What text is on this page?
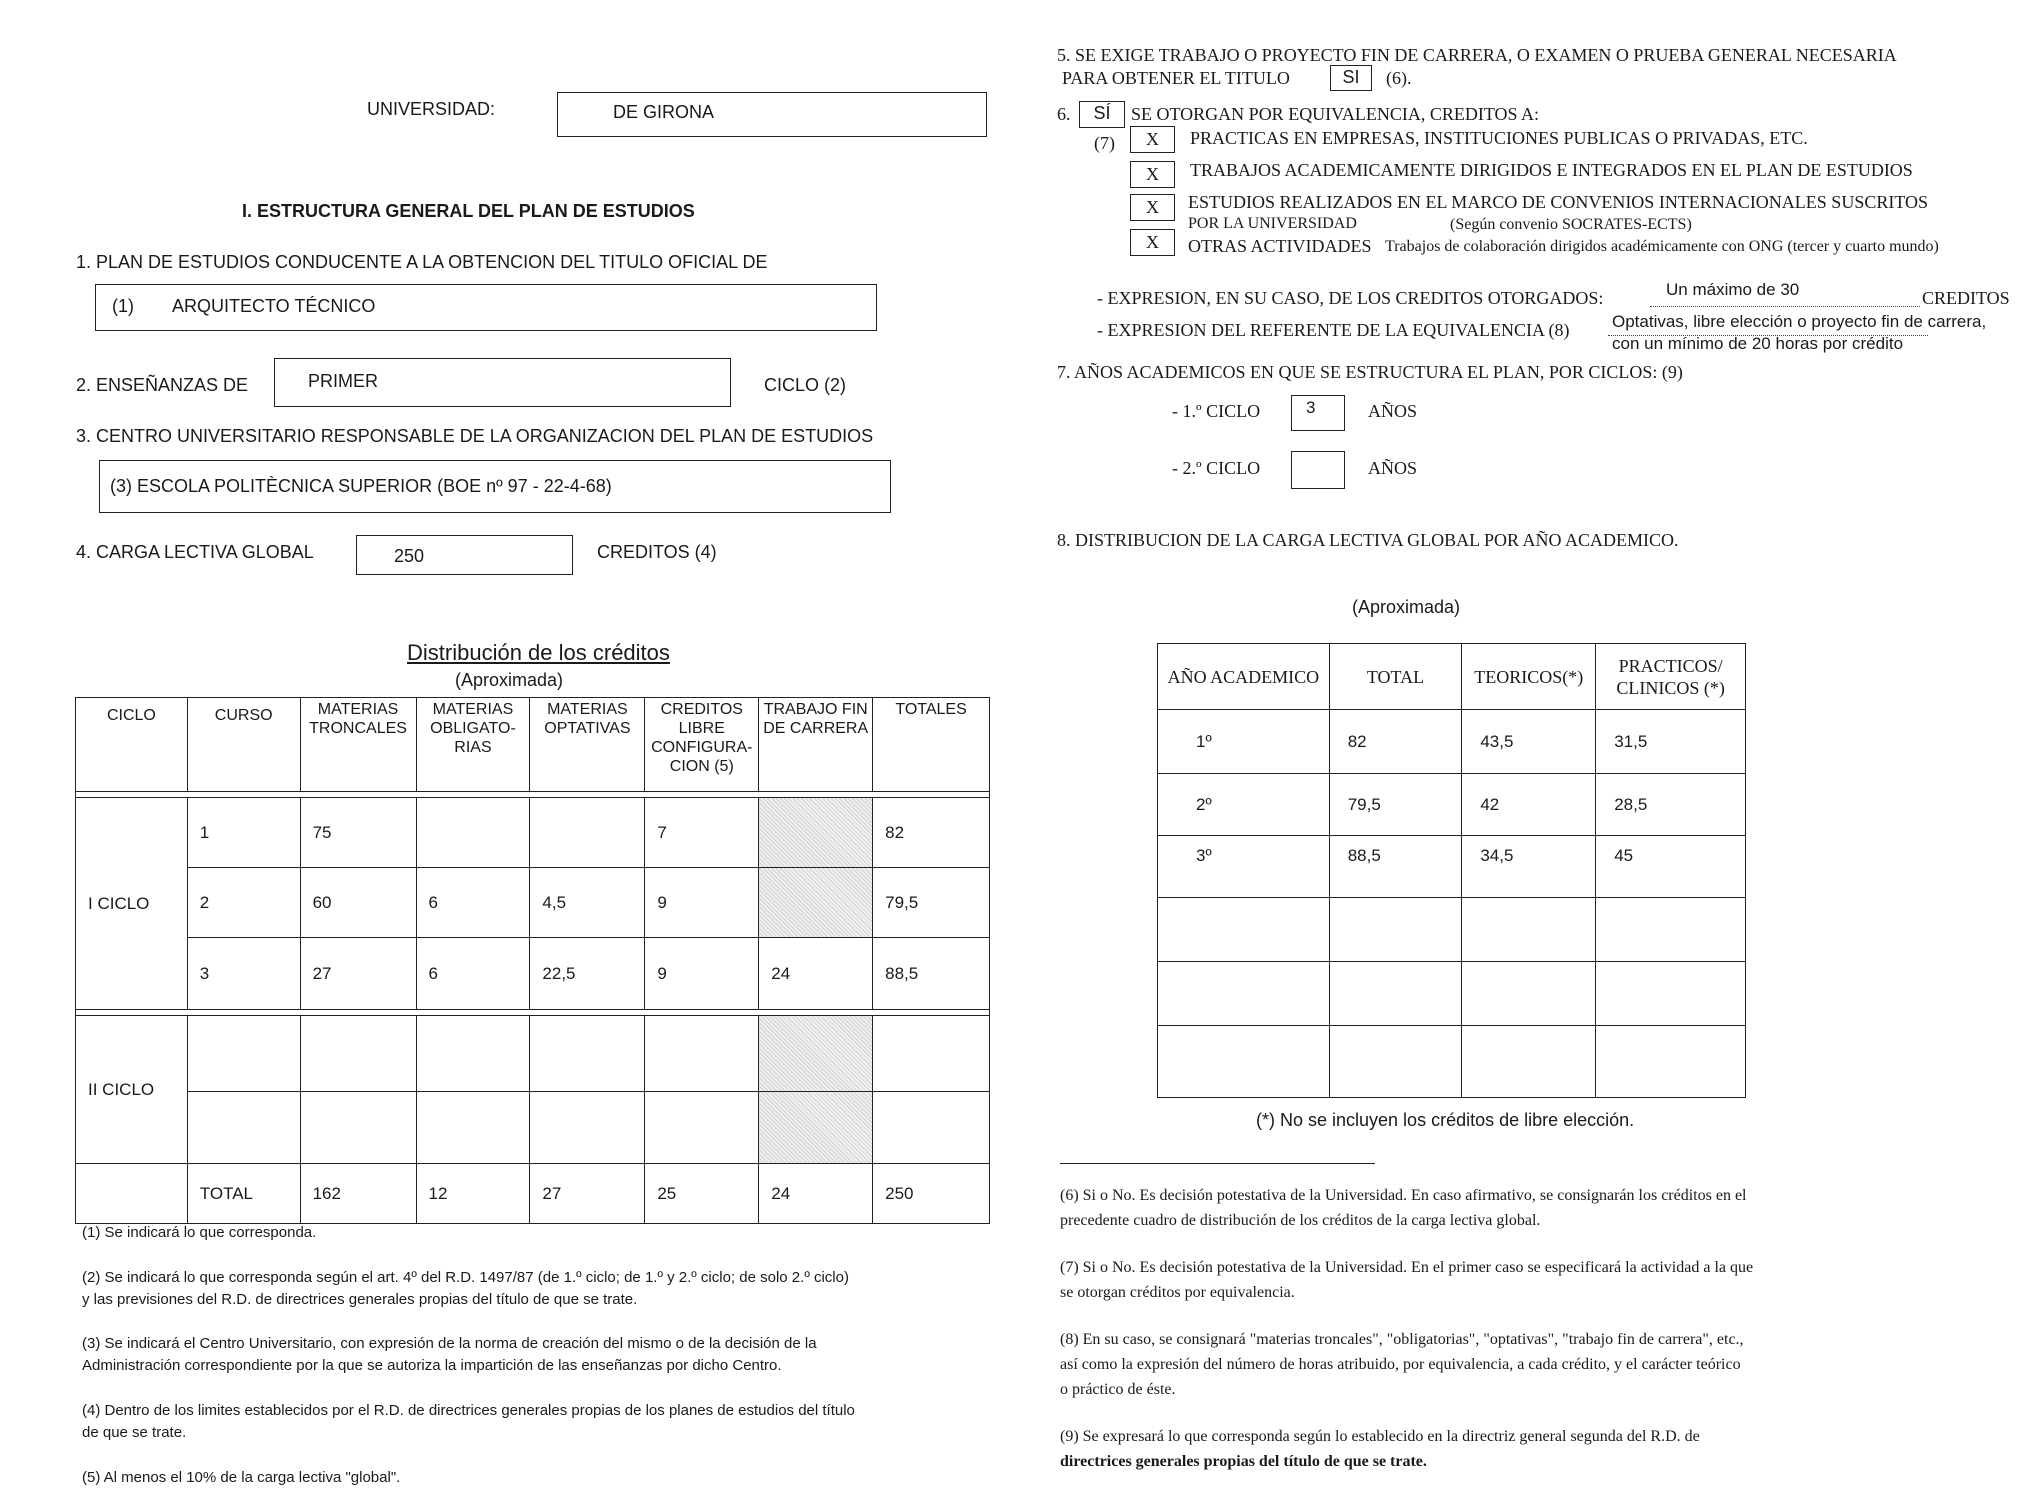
UNIVERSIDAD:	DE GIRONA
I. ESTRUCTURA GENERAL DEL PLAN DE ESTUDIOS
1. PLAN DE ESTUDIOS CONDUCENTE A LA OBTENCION DEL TITULO OFICIAL DE
(1) ARQUITECTO TÉCNICO
2. ENSEÑANZAS DE	PRIMER	CICLO (2)
3. CENTRO UNIVERSITARIO RESPONSABLE DE LA ORGANIZACION DEL PLAN DE ESTUDIOS
(3) ESCOLA POLITÈCNICA SUPERIOR (BOE nº 97 - 22-4-68)
4. CARGA LECTIVA GLOBAL	250	CREDITOS (4)
Distribución de los créditos
(Aproximada)
CICLO	CURSO	MATERIAS TRONCALES	MATERIAS OBLIGATO-RIAS	MATERIAS OPTATIVAS	CREDITOS LIBRE CONFIGURA-CION (5)	TRABAJO FIN DE CARRERA	TOTALES

I CICLO	1	75			7		82
	2	60	6	4,5	9		79,5
	3	27	6	22,5	9	24	88,5

II CICLO							

	TOTAL	162	12	27	25	24	250
(1) Se indicará lo que corresponda.
(2) Se indicará lo que corresponda según el art. 4º del R.D. 1497/87 (de 1.º ciclo; de 1.º y 2.º ciclo; de solo 2.º ciclo)
y las previsiones del R.D. de directrices generales propias del título de que se trate.
(3) Se indicará el Centro Universitario, con expresión de la norma de creación del mismo o de la decisión de la
Administración correspondiente por la que se autoriza la impartición de las enseñanzas por dicho Centro.
(4) Dentro de los limites establecidos por el R.D. de directrices generales propias de los planes de estudios del título
de que se trate.
(5) Al menos el 10% de la carga lectiva "global".
5. SE EXIGE TRABAJO O PROYECTO FIN DE CARRERA, O EXAMEN O PRUEBA GENERAL NECESARIA
PARA OBTENER EL TITULO	SI	(6).
6.	SÍ	SE OTORGAN POR EQUIVALENCIA, CREDITOS A:
(7)	X	PRACTICAS EN EMPRESAS, INSTITUCIONES PUBLICAS O PRIVADAS, ETC.
X	TRABAJOS ACADEMICAMENTE DIRIGIDOS E INTEGRADOS EN EL PLAN DE ESTUDIOS
X	ESTUDIOS REALIZADOS EN EL MARCO DE CONVENIOS INTERNACIONALES SUSCRITOS
POR LA UNIVERSIDAD	(Según convenio SOCRATES-ECTS)
X	OTRAS ACTIVIDADES Trabajos de colaboración dirigidos académicamente con ONG (tercer y cuarto mundo)
- EXPRESION, EN SU CASO, DE LOS CREDITOS OTORGADOS:	Un máximo de 30	CREDITOS
- EXPRESION DEL REFERENTE DE LA EQUIVALENCIA (8)	Optativas, libre elección o proyecto fin de carrera,
con un mínimo de 20 horas por crédito
7. AÑOS ACADEMICOS EN QUE SE ESTRUCTURA EL PLAN, POR CICLOS: (9)
- 1.º CICLO	3	AÑOS
- 2.º CICLO	AÑOS
8. DISTRIBUCION DE LA CARGA LECTIVA GLOBAL POR AÑO ACADEMICO.
(Aproximada)
AÑO ACADEMICO	TOTAL	TEORICOS(*)	PRACTICOS/ CLINICOS (*)
1º	82	43,5	31,5
2º	79,5	42	28,5
3º	88,5	34,5	45

(*) No se incluyen los créditos de libre elección.
(6) Si o No. Es decisión potestativa de la Universidad. En caso afirmativo, se consignarán los créditos en el
precedente cuadro de distribución de los créditos de la carga lectiva global.
(7) Si o No. Es decisión potestativa de la Universidad. En el primer caso se especificará la actividad a la que
se otorgan créditos por equivalencia.
(8) En su caso, se consignará "materias troncales", "obligatorias", "optativas", "trabajo fin de carrera", etc.,
así como la expresión del número de horas atribuido, por equivalencia, a cada crédito, y el carácter teórico
o práctico de éste.
(9) Se expresará lo que corresponda según lo establecido en la directriz general segunda del R.D. de
directrices generales propias del título de que se trate.
